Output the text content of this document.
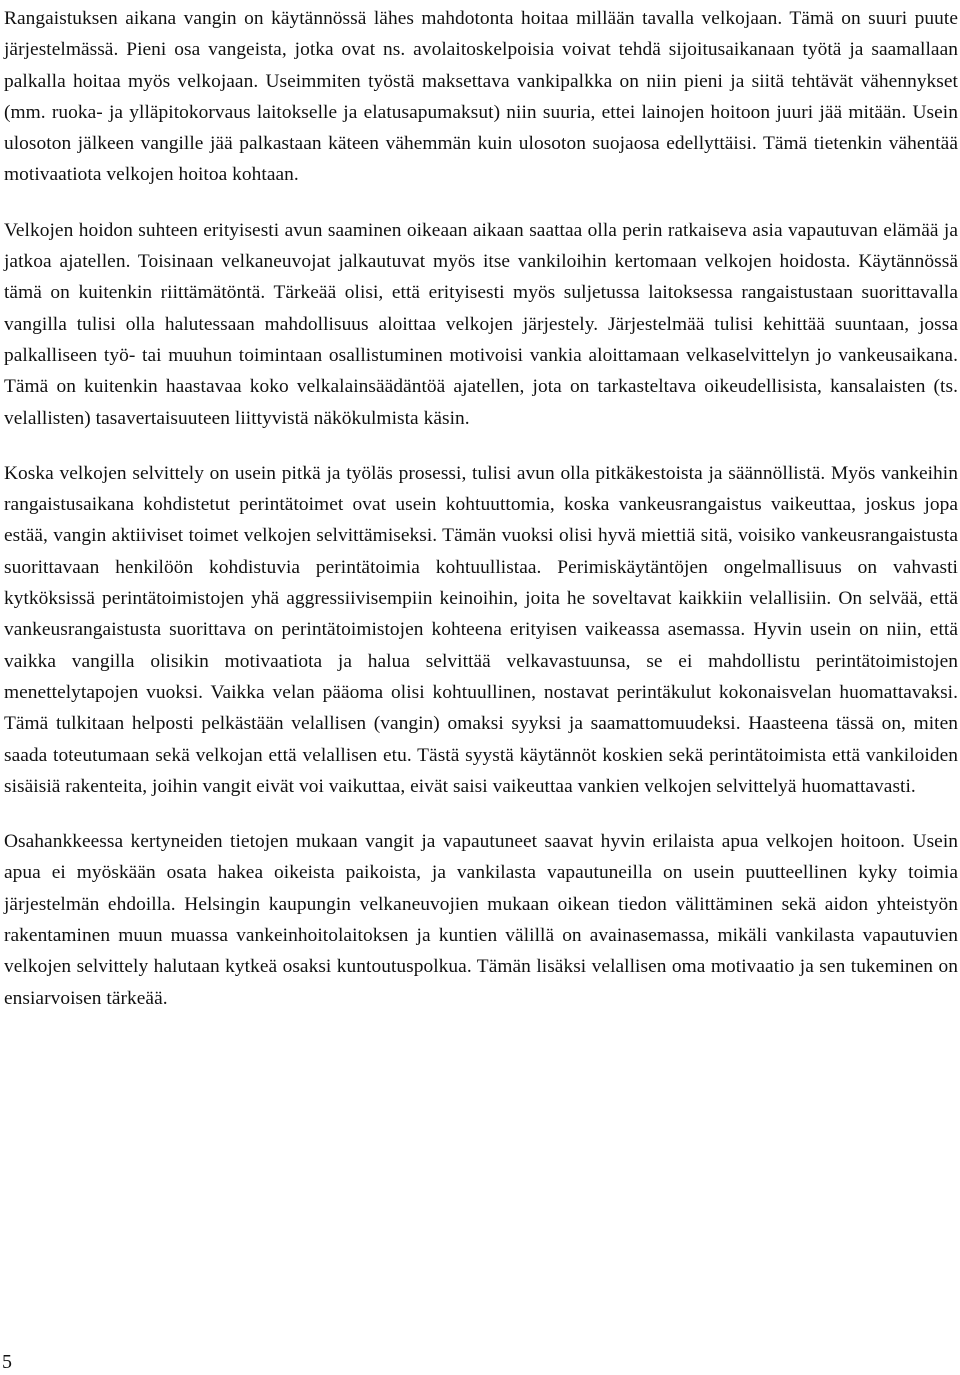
Rangaistuksen aikana vangin on käytännössä lähes mahdotonta hoitaa millään tavalla velkojaan. Tämä on suuri puute järjestelmässä. Pieni osa vangeista, jotka ovat ns. avolaitoskelpoisia voivat tehdä sijoitusaikanaan työtä ja saamallaan palkalla hoitaa myös velkojaan. Useimmiten työstä maksettava vankipalkka on niin pieni ja siitä tehtävät vähennykset (mm. ruoka- ja ylläpitokorvaus laitokselle ja elatusapumaksut) niin suuria, ettei lainojen hoitoon juuri jää mitään. Usein ulosoton jälkeen vangille jää palkastaan käteen vähemmän kuin ulosoton suojaosa edellyttäisi. Tämä tietenkin vähentää motivaatiota velkojen hoitoa kohtaan.

Velkojen hoidon suhteen erityisesti avun saaminen oikeaan aikaan saattaa olla perin ratkaiseva asia vapautuvan elämää ja jatkoa ajatellen. Toisinaan velkaneuvojat jalkautuvat myös itse vankiloihin kertomaan velkojen hoidosta. Käytännössä tämä on kuitenkin riittämätöntä. Tärkeää olisi, että erityisesti myös suljetussa laitoksessa rangaistustaan suorittavalla vangilla tulisi olla halutessaan mahdollisuus aloittaa velkojen järjestely. Järjestelmää tulisi kehittää suuntaan, jossa palkalliseen työ- tai muuhun toimintaan osallistuminen motivoisi vankia aloittamaan velkaselvittelyn jo vankeusaikana. Tämä on kuitenkin haastavaa koko velkalainsäädäntöä ajatellen, jota on tarkasteltava oikeudellisista, kansalaisten (ts. velallisten) tasavertaisuuteen liittyvistä näkökulmista käsin.

Koska velkojen selvittely on usein pitkä ja työläs prosessi, tulisi avun olla pitkäkestoista ja säännöllistä. Myös vankeihin rangaistusaikana kohdistetut perintätoimet ovat usein kohtuuttomia, koska vankeusrangaistus vaikeuttaa, joskus jopa estää, vangin aktiiviset toimet velkojen selvittämiseksi. Tämän vuoksi olisi hyvä miettiä sitä, voisiko vankeusrangaistusta suorittavaan henkilöön kohdistuvia perintätoimia kohtuullistaa. Perimiskäytäntöjen ongelmallisuus on vahvasti kytköksissä perintätoimistojen yhä aggressiivisempiin keinoihin, joita he soveltavat kaikkiin velallisiin. On selvää, että vankeusrangaistusta suorittava on perintätoimistojen kohteena erityisen vaikeassa asemassa. Hyvin usein on niin, että vaikka vangilla olisikin motivaatiota ja halua selvittää velkavastuunsa, se ei mahdollistu perintätoimistojen menettelytapojen vuoksi. Vaikka velan pääoma olisi kohtuullinen, nostavat perintäkulut kokonaisvelan huomattavaksi. Tämä tulkitaan helposti pelkästään velallisen (vangin) omaksi syyksi ja saamattomuudeksi. Haasteena tässä on, miten saada toteutumaan sekä velkojan että velallisen etu. Tästä syystä käytännöt koskien sekä perintätoimista että vankiloiden sisäisiä rakenteita, joihin vangit eivät voi vaikuttaa, eivät saisi vaikeuttaa vankien velkojen selvittelyä huomattavasti.

Osahankkeessa kertyneiden tietojen mukaan vangit ja vapautuneet saavat hyvin erilaista apua velkojen hoitoon. Usein apua ei myöskään osata hakea oikeista paikoista, ja vankilasta vapautuneilla on usein puutteellinen kyky toimia järjestelmän ehdoilla. Helsingin kaupungin velkaneuvojien mukaan oikean tiedon välittäminen sekä aidon yhteistyön rakentaminen muun muassa vankeinhoitolaitoksen ja kuntien välillä on avainasemassa, mikäli vankilasta vapautuvien velkojen selvittely halutaan kytkeä osaksi kuntoutuspolkua. Tämän lisäksi velallisen oma motivaatio ja sen tukeminen on ensiarvoisen tärkeää.

5
